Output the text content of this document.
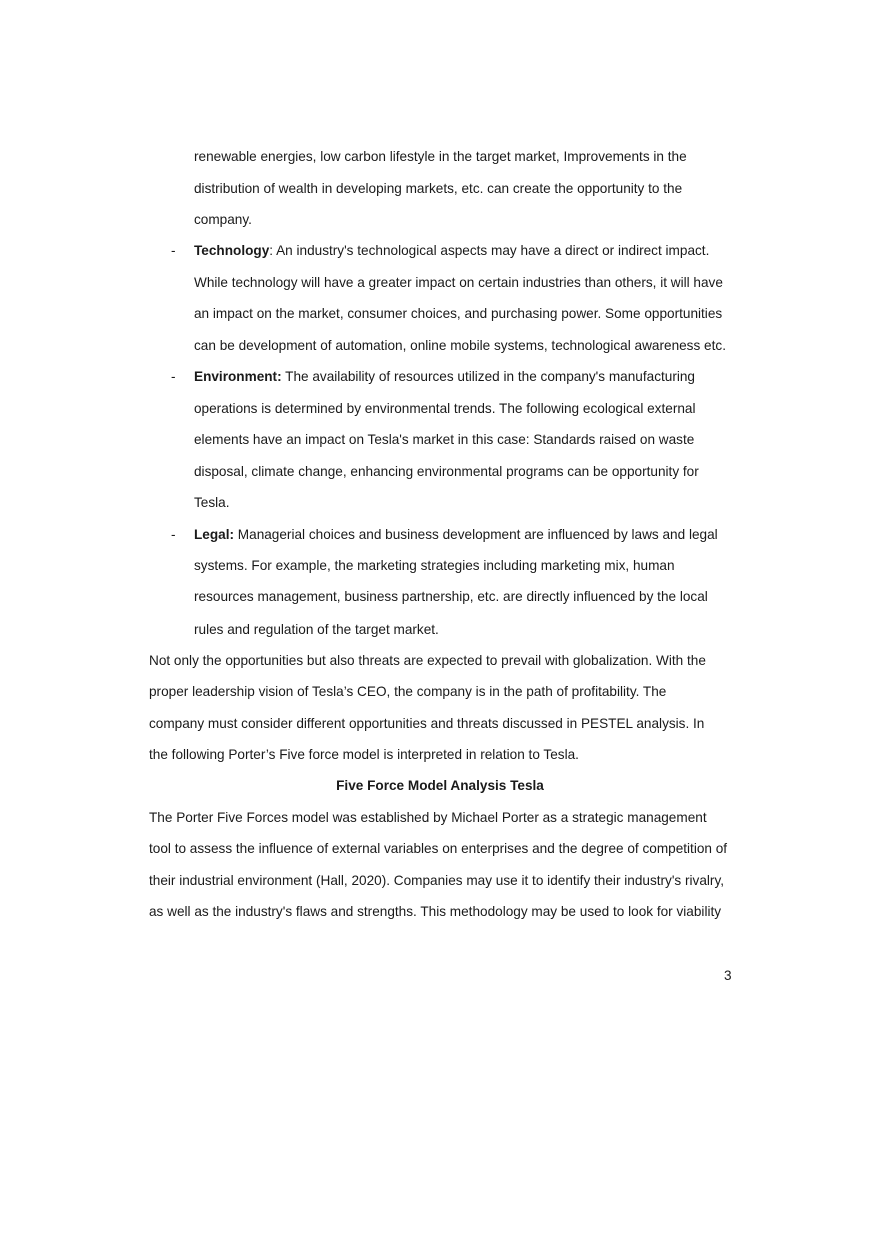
renewable energies, low carbon lifestyle in the target market, Improvements in the
distribution of wealth in developing markets, etc. can create the opportunity to the
company.
- Technology: An industry's technological aspects may have a direct or indirect impact.
While technology will have a greater impact on certain industries than others, it will have
an impact on the market, consumer choices, and purchasing power. Some opportunities
can be development of automation, online mobile systems, technological awareness etc.
- Environment: The availability of resources utilized in the company's manufacturing
operations is determined by environmental trends. The following ecological external
elements have an impact on Tesla's market in this case: Standards raised on waste
disposal, climate change, enhancing environmental programs can be opportunity for
Tesla.
- Legal: Managerial choices and business development are influenced by laws and legal
systems. For example, the marketing strategies including marketing mix, human
resources management, business partnership, etc. are directly influenced by the local
rules and regulation of the target market.
Not only the opportunities but also threats are expected to prevail with globalization. With the
proper leadership vision of Tesla’s CEO, the company is in the path of profitability. The
company must consider different opportunities and threats discussed in PESTEL analysis. In
the following Porter’s Five force model is interpreted in relation to Tesla.
Five Force Model Analysis Tesla
The Porter Five Forces model was established by Michael Porter as a strategic management
tool to assess the influence of external variables on enterprises and the degree of competition of
their industrial environment (Hall, 2020). Companies may use it to identify their industry's rivalry,
as well as the industry's flaws and strengths. This methodology may be used to look for viability
3
